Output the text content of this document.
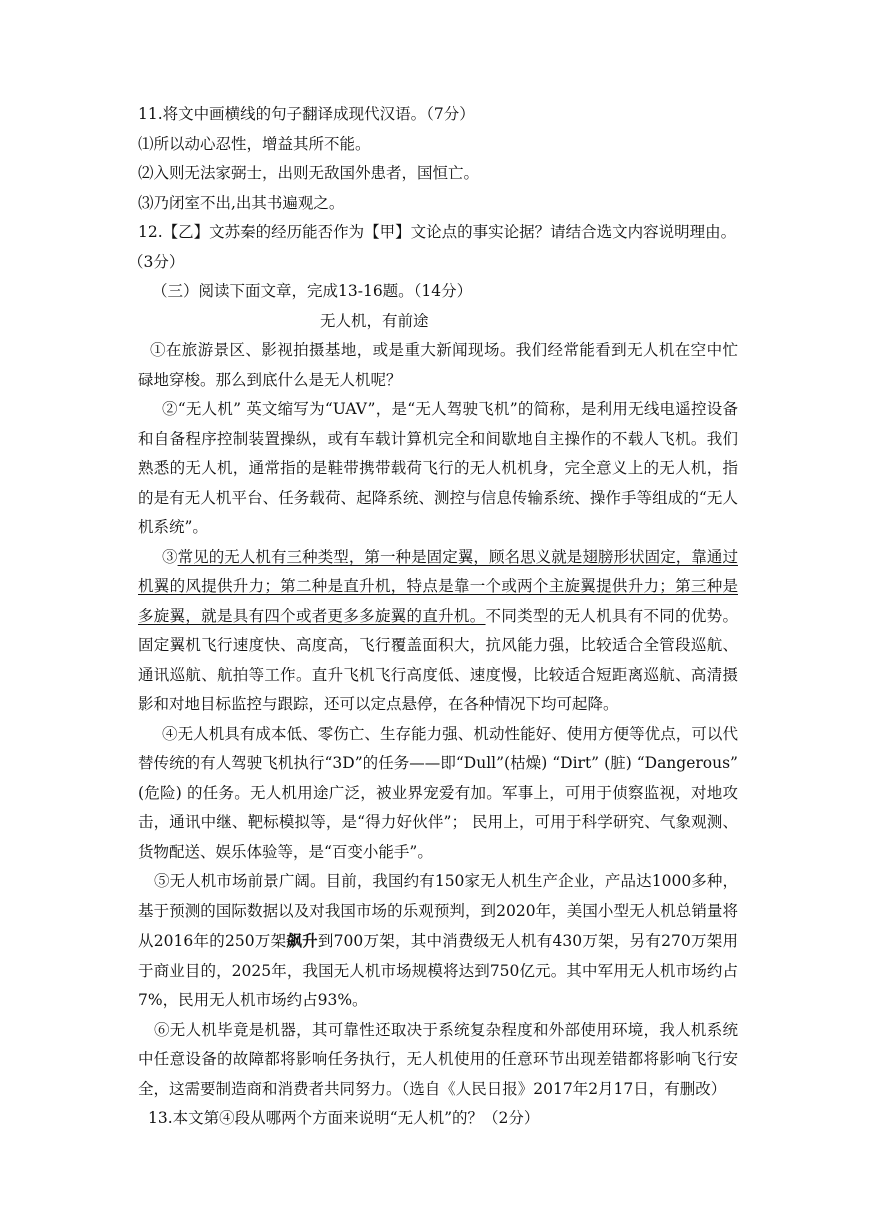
11.将文中画横线的句子翻译成现代汉语。（7分）

⑴所以动心忍性，增益其所不能。

⑵入则无法家弼士，出则无敌国外患者，国恒亡。

⑶乃闭室不出,出其书遍观之。

12.【乙】文苏秦的经历能否作为【甲】文论点的事实论据？请结合选文内容说明理由。

（3分）

（三）阅读下面文章，完成13-16题。（14分）

无人机，有前途

①在旅游景区、影视拍摄基地，或是重大新闻现场。我们经常能看到无人机在空中忙碌地穿梭。那么到底什么是无人机呢？

②“无人机” 英文缩写为“UAV”，是“无人驾驶飞机”的简称，是利用无线电遥控设备和自备程序控制装置操纵，或有车载计算机完全和间歇地自主操作的不载人飞机。我们熟悉的无人机，通常指的是鞋带携带载荷飞行的无人机机身，完全意义上的无人机，指的是有无人机平台、任务载荷、起降系统、测控与信息传输系统、操作手等组成的“无人机系统”。

③常见的无人机有三种类型，第一种是固定翼，顾名思义就是翅膀形状固定，靠通过机翼的风提供升力；第二种是直升机，特点是靠一个或两个主旋翼提供升力；第三种是多旋翼，就是具有四个或者更多多旋翼的直升机。不同类型的无人机具有不同的优势。固定翼机飞行速度快、高度高，飞行覆盖面积大，抗风能力强，比较适合全管段巡航、通讯巡航、航拍等工作。直升飞机飞行高度低、速度慢，比较适合短距离巡航、高清摄影和对地目标监控与跟踪，还可以定点悬停，在各种情况下均可起降。

④无人机具有成本低、零伤亡、生存能力强、机动性能好、使用方便等优点，可以代替传统的有人驾驶飞机执行“3D”的任务——即“Dull”(枯燥) “Dirt” (脏) “Dangerous” (危险) 的任务。无人机用途广泛，被业界宠爱有加。军事上，可用于侦察监视，对地攻击，通讯中继、靶标模拟等，是“得力好伙伴”； 民用上，可用于科学研究、气象观测、货物配送、娱乐体验等，是“百变小能手”。

⑤无人机市场前景广阔。目前，我国约有150家无人机生产企业，产品达1000多种，基于预测的国际数据以及对我国市场的乐观预判，到2020年，美国小型无人机总销量将从2016年的250万架飙升到700万架，其中消费级无人机有430万架，另有270万架用于商业目的，2025年，我国无人机市场规模将达到750亿元。其中军用无人机市场约占7%，民用无人机市场约占93%。

⑥无人机毕竟是机器，其可靠性还取决于系统复杂程度和外部使用环境，我人机系统中任意设备的故障都将影响任务执行，无人机使用的任意环节出现差错都将影响飞行安全，这需要制造商和消费者共同努力。（选自《人民日报》2017年2月17日，有删改）

13.本文第④段从哪两个方面来说明“无人机”的？（2分）
